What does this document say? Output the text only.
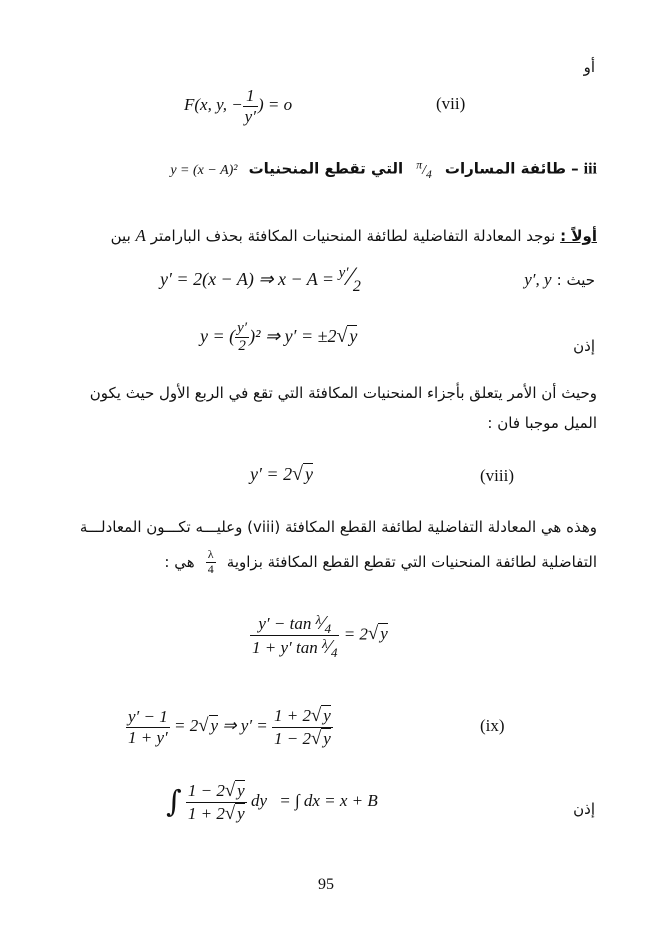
أو
F(x, y, − $\frac{1}{y'}$ ) = o	(vii)
iii – طائفة المسارات $^\pi/_4$ التي تقطع المنحنيات y = (x − A)²
أولاً : نوجد المعادلة التفاضلية لطائفة المنحنيات المكافئة بحذف البارامتر A بين
y′ = 2(x − A) ⇒ x − A = $^{y'}$⁄2	حيث : y′, y
y = ( $\frac{y'}{2} )^2$ ⇒ y′ = ±2√ y
إذن
وحيث أن الأمر يتعلق بأجزاء المنحنيات المكافئة التي تقع في الربع الأول حيث يكون
الميل موجبا فان :
y′ = 2√ y	(viii)
وهذه هي المعادلة التفاضلية لطائفة القطع المكافئة (viii) وعليـــه تكـــون المعادلـــة
التفاضلية لطائفة المنحنيات التي تقطع القطع المكافئة بزاوية
$\frac{\lambda}{4}$
هي :
$\frac{y' - \tan ^\lambda⁄_4}{1 + y' \tan ^\lambda⁄_4} = 2√$ y
$\frac{y' - 1}{1 + y'} = 2√$ y ⇒ $y' = \frac{1 + 2√ y}{1 - 2√ y}$	(ix)
∫ $\frac{1 - 2√ y}{1 + 2√ y}$ dy = ∫ dx = x + B	إذن
95
